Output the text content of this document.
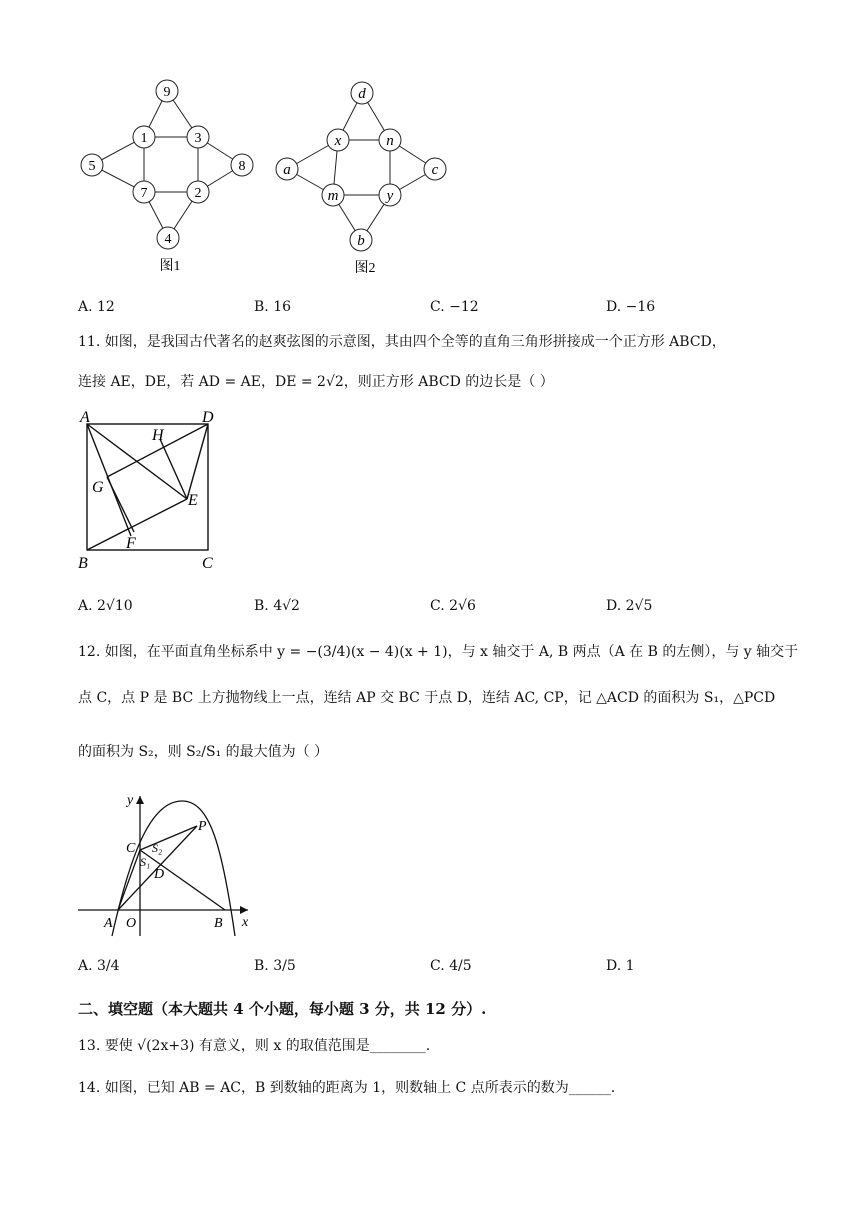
9
1	3
5	8
7	2
4
图1
d
x	n
a	c
m	y
b
图2
A. 12	B. 16	C. −12	D. −16
11. 如图，是我国古代著名的赵爽弦图的示意图，其由四个全等的直角三角形拼接成一个正方形 ABCD，
连接 AE，DE，若 AD = AE，DE = 2√2，则正方形 ABCD 的边长是（ ）
A	D
H
G
E
F
B	C
A. 2√10	B. 4√2	C. 2√6	D. 2√5
12. 如图，在平面直角坐标系中 y = −(3/4)(x − 4)(x + 1)，与 x 轴交于 A, B 两点（A 在 B 的左侧），与 y 轴交于
点 C，点 P 是 BC 上方抛物线上一点，连结 AP 交 BC 于点 D，连结 AC, CP，记 △ACD 的面积为 S₁，△PCD
的面积为 S₂，则 S₂/S₁ 的最大值为（ ）
y
x
P
C S₂
S₁
D
A O	B
A. 3/4	B. 3/5	C. 4/5	D. 1
二、填空题（本大题共 4 个小题，每小题 3 分，共 12 分）.
13. 要使 √(2x+3) 有意义，则 x 的取值范围是________.
14. 如图，已知 AB = AC，B 到数轴的距离为 1，则数轴上 C 点所表示的数为______.
